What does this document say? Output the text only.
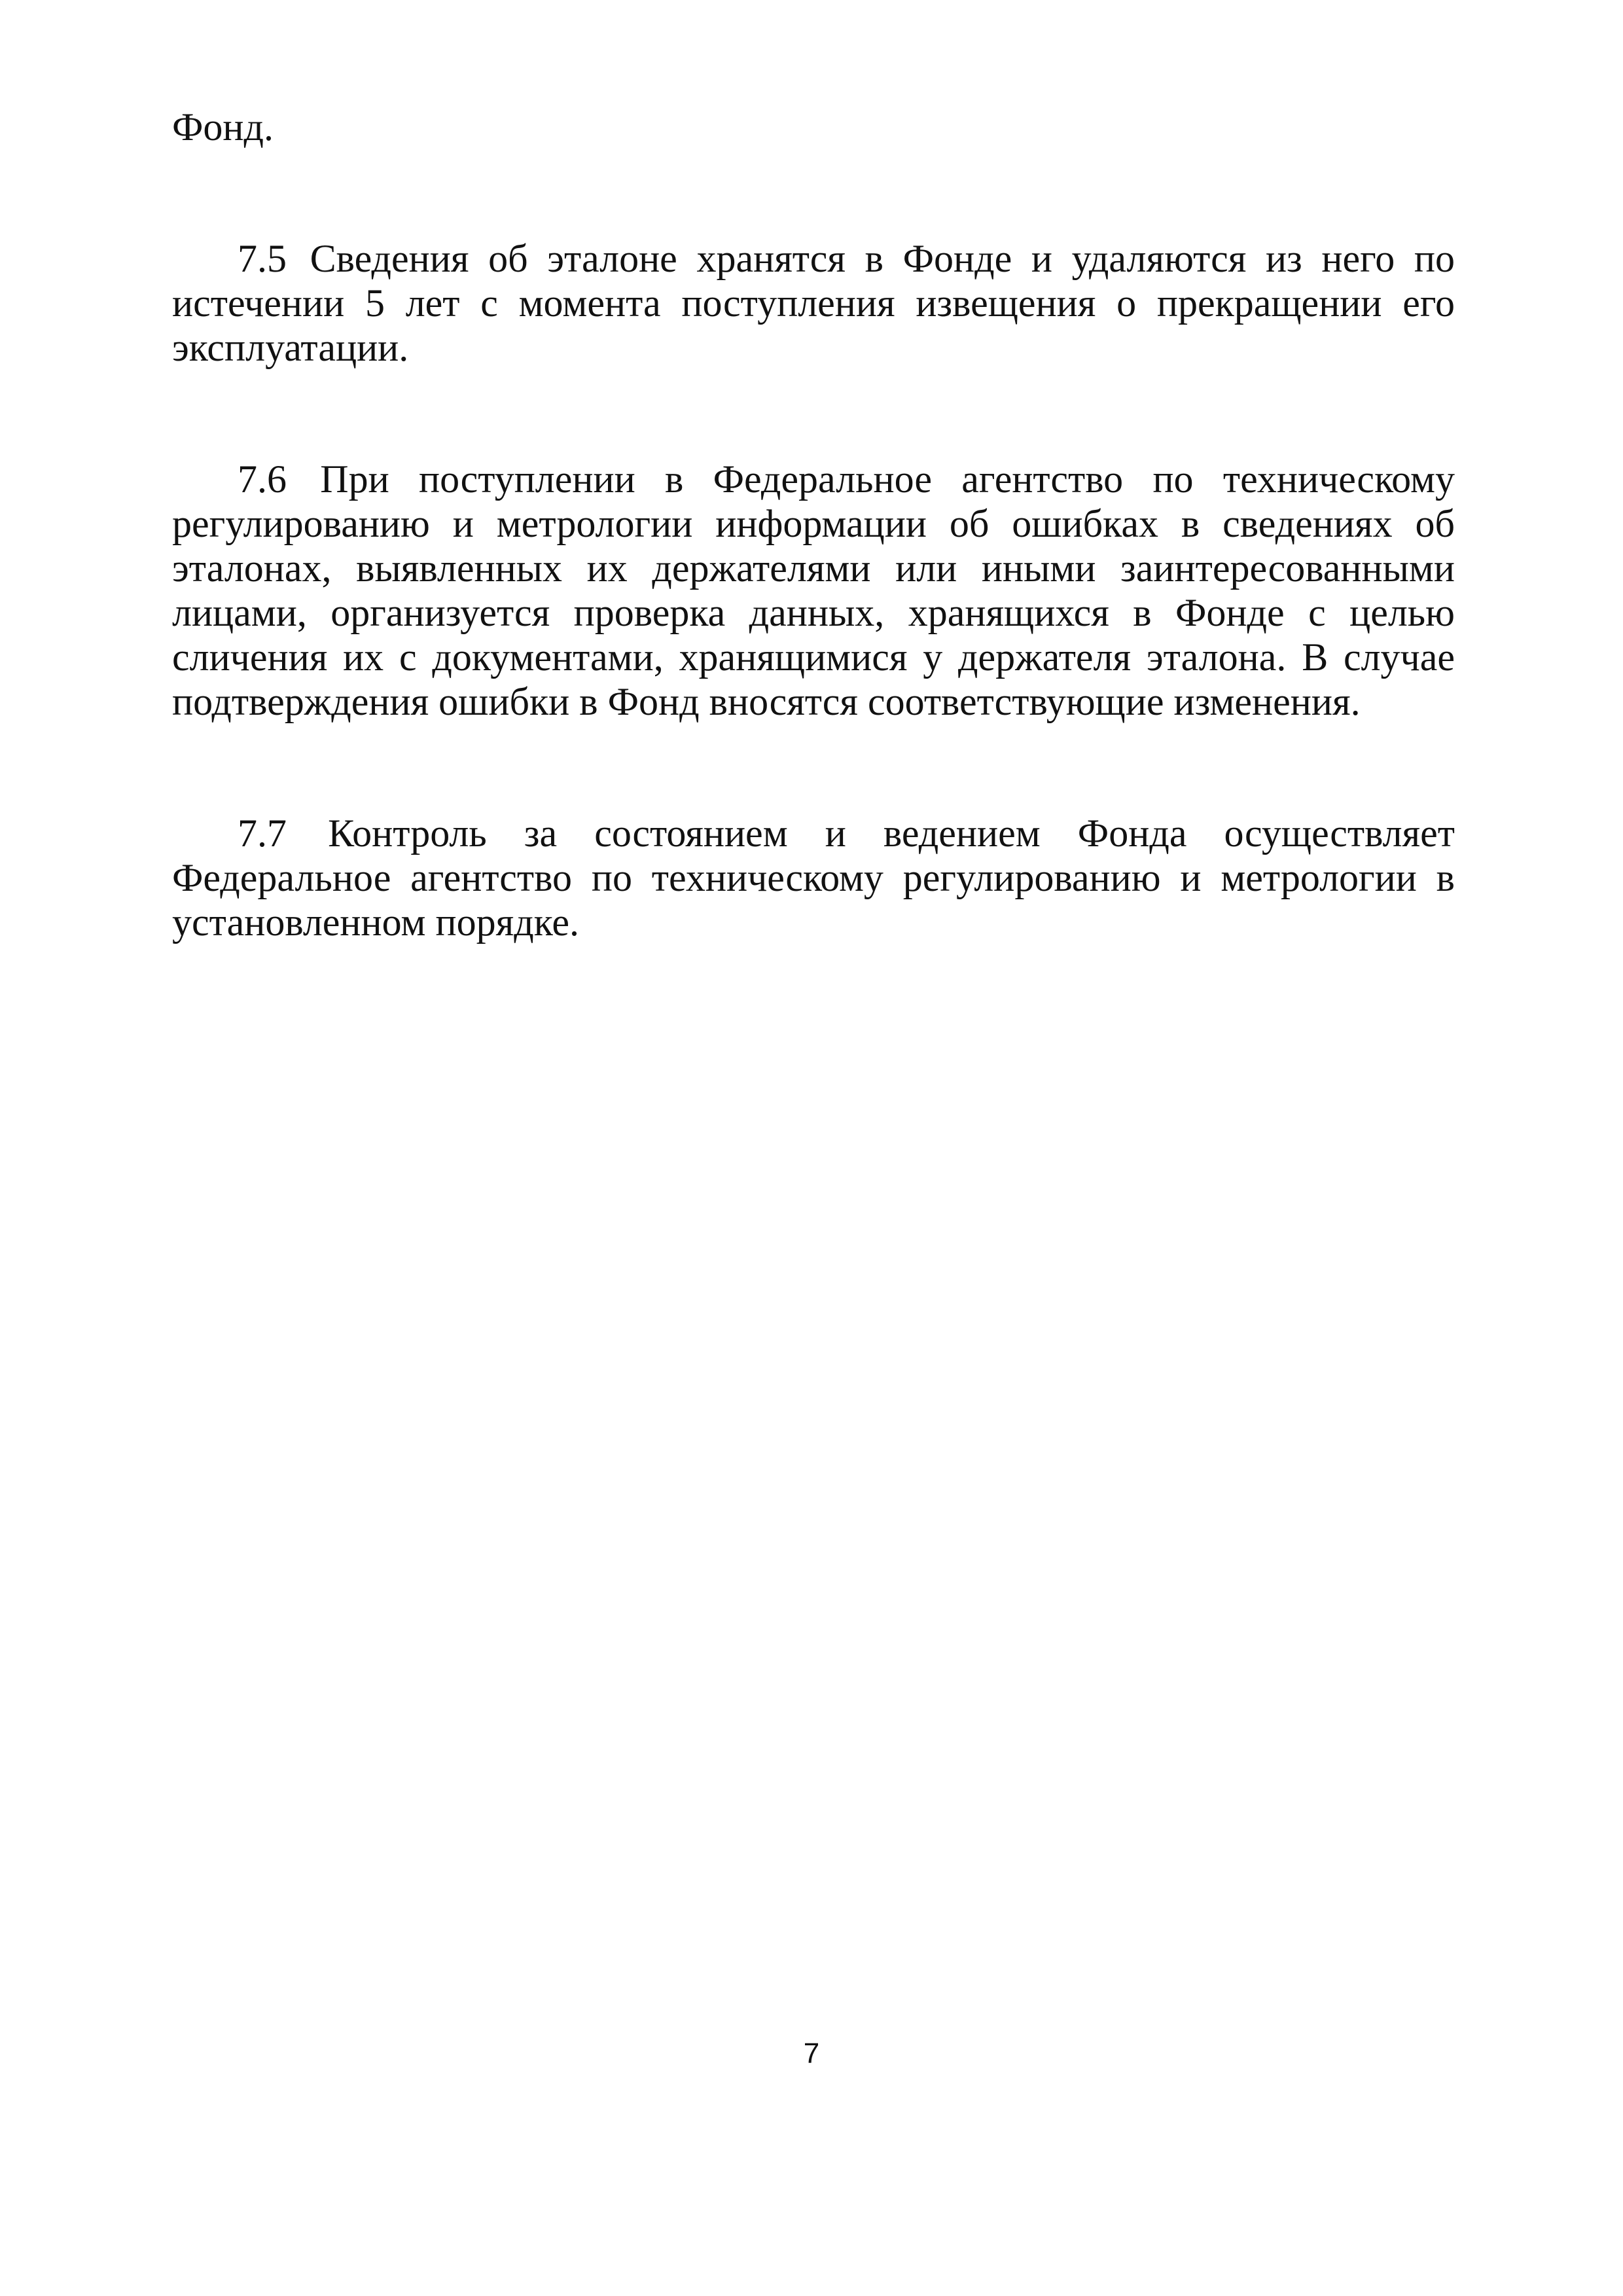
Фонд.
7.5 Сведения об эталоне хранятся в Фонде и удаляются из него по
истечении 5 лет с момента поступления извещения о прекращении его
эксплуатации.
7.6 При поступлении в Федеральное агентство по техническому
регулированию и метрологии информации об ошибках в сведениях об
эталонах, выявленных их держателями или иными заинтересованными
лицами, организуется проверка данных, хранящихся в Фонде с целью
сличения их с документами, хранящимися у держателя эталона. В случае
подтверждения ошибки в Фонд вносятся соответствующие изменения.
7.7 Контроль за состоянием и ведением Фонда осуществляет
Федеральное агентство по техническому регулированию и метрологии в
установленном порядке.
7
